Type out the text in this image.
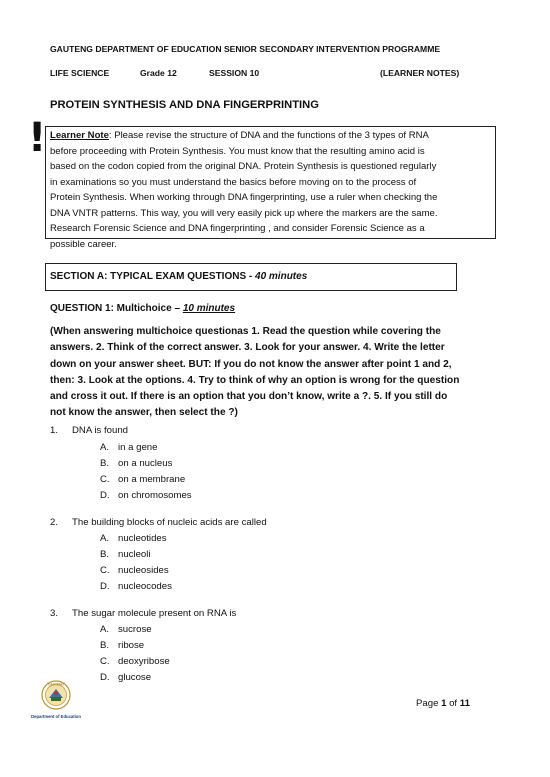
GAUTENG DEPARTMENT OF EDUCATION SENIOR SECONDARY INTERVENTION PROGRAMME
LIFE SCIENCE	Grade 12	SESSION 10	(LEARNER NOTES)
PROTEIN SYNTHESIS AND DNA FINGERPRINTING
! Learner Note: Please revise the structure of DNA and the functions of the 3 types of RNA
before proceeding with Protein Synthesis. You must know that the resulting amino acid is
based on the codon copied from the original DNA. Protein Synthesis is questioned regularly
in examinations so you must understand the basics before moving on to the process of
Protein Synthesis. When working through DNA fingerprinting, use a ruler when checking the
DNA VNTR patterns. This way, you will very easily pick up where the markers are the same.
Research Forensic Science and DNA fingerprinting , and consider Forensic Science as a
possible career.
SECTION A: TYPICAL EXAM QUESTIONS - 40 minutes
QUESTION 1: Multichoice – 10 minutes
(When answering multichoice questionas 1. Read the question while covering the
answers. 2. Think of the correct answer. 3. Look for your answer. 4. Write the letter
down on your answer sheet. BUT: If you do not know the answer after point 1 and 2,
then: 3. Look at the options. 4. Try to think of why an option is wrong for the question
and cross it out. If there is an option that you don’t know, write a ?. 5. If you still do
not know the answer, then select the ?)
1. DNA is found
A. in a gene
B. on a nucleus
C. on a membrane
D. on chromosomes
2. The building blocks of nucleic acids are called
A. nucleotides
B. nucleoli
C. nucleosides
D. nucleocodes
3. The sugar molecule present on RNA is
A. sucrose
B. ribose
C. deoxyribose
D. glucose
GAUTENG
Department of Education
Page 1 of 11
